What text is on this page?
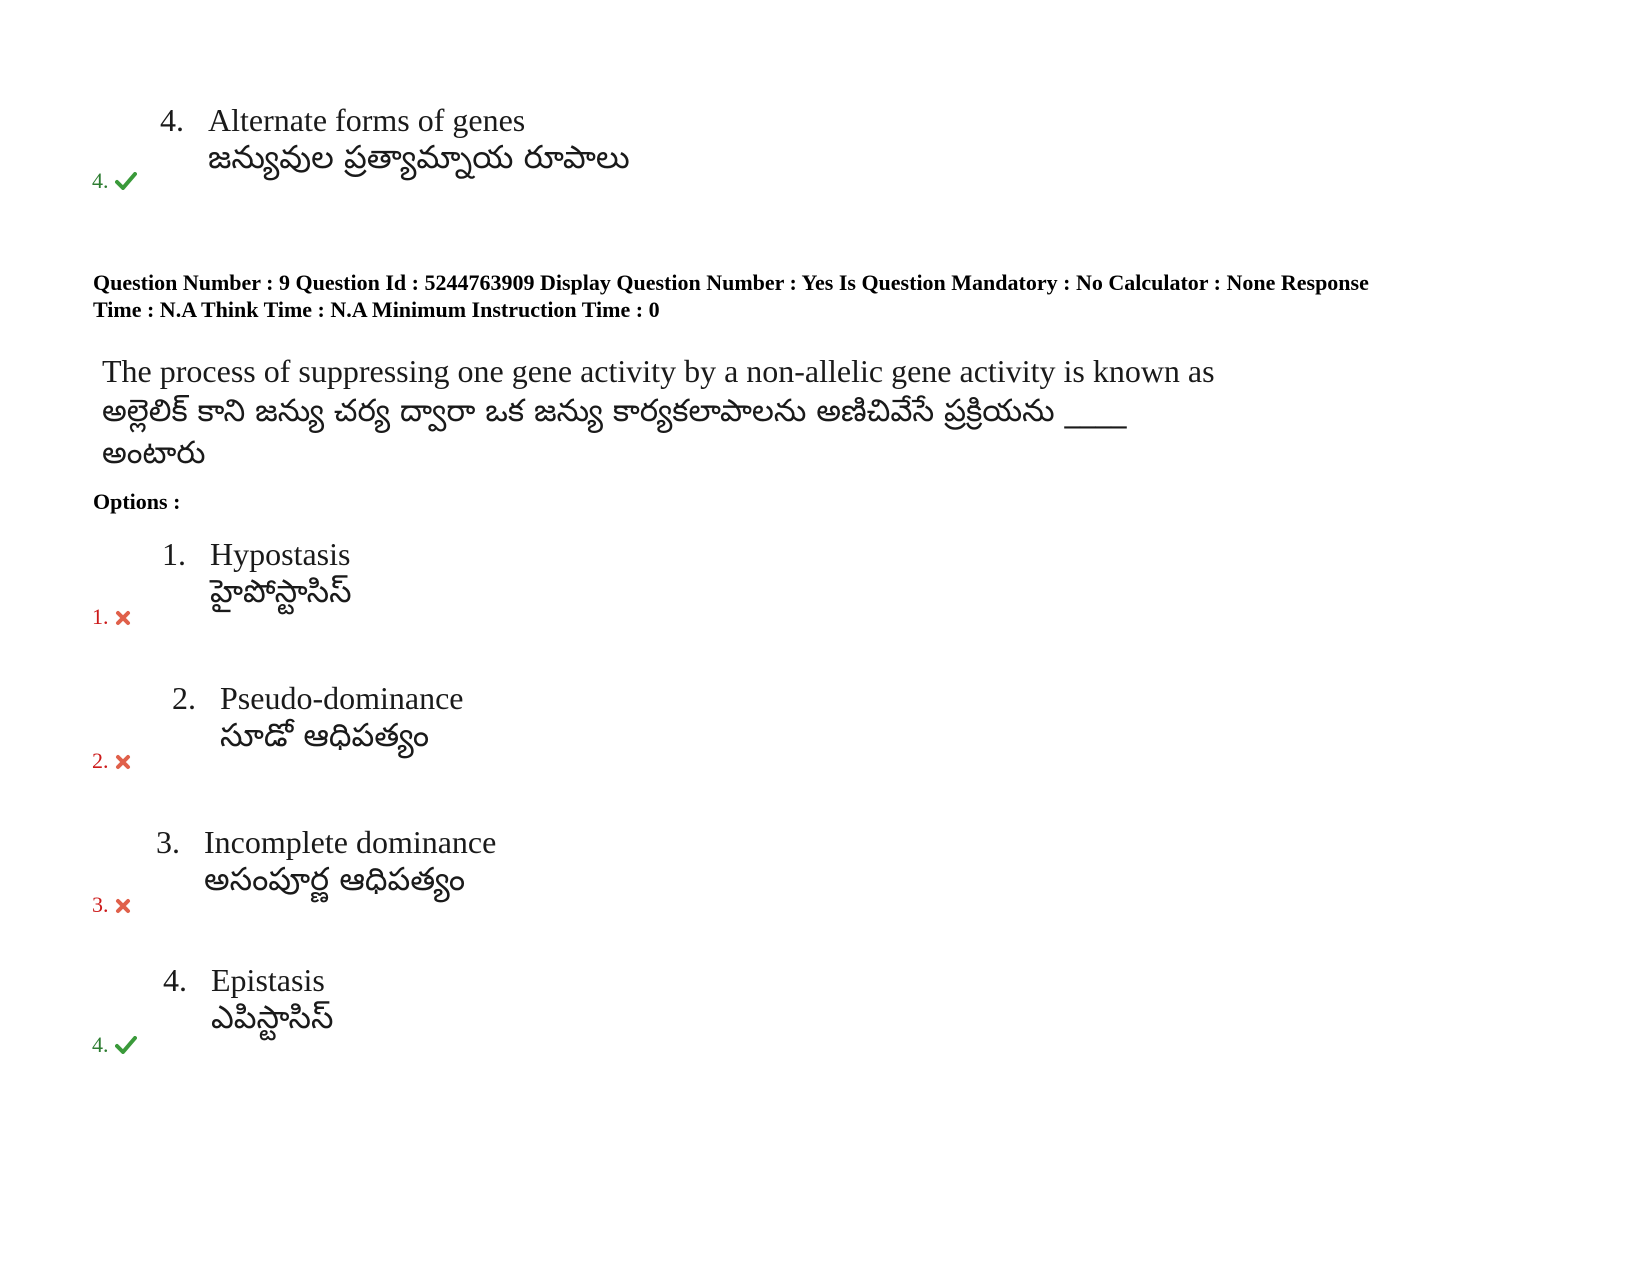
4. Alternate forms of genes
జన్యువుల ప్రత్యామ్నాయ రూపాలు
4.
Question Number : 9 Question Id : 5244763909 Display Question Number : Yes Is Question Mandatory : No Calculator : None Response
Time : N.A Think Time : N.A Minimum Instruction Time : 0
The process of suppressing one gene activity by a non-allelic gene activity is known as
అల్లెలిక్ కాని జన్యు చర్య ద్వారా ఒక జన్యు కార్యకలాపాలను అణిచివేసే ప్రక్రియను ____
అంటారు
Options :
1. Hypostasis
హైపోస్టాసిస్
1.
2. Pseudo-dominance
సూడో ఆధిపత్యం
2.
3. Incomplete dominance
అసంపూర్ణ ఆధిపత్యం
3.
4. Epistasis
ఎపిస్టాసిస్
4.
